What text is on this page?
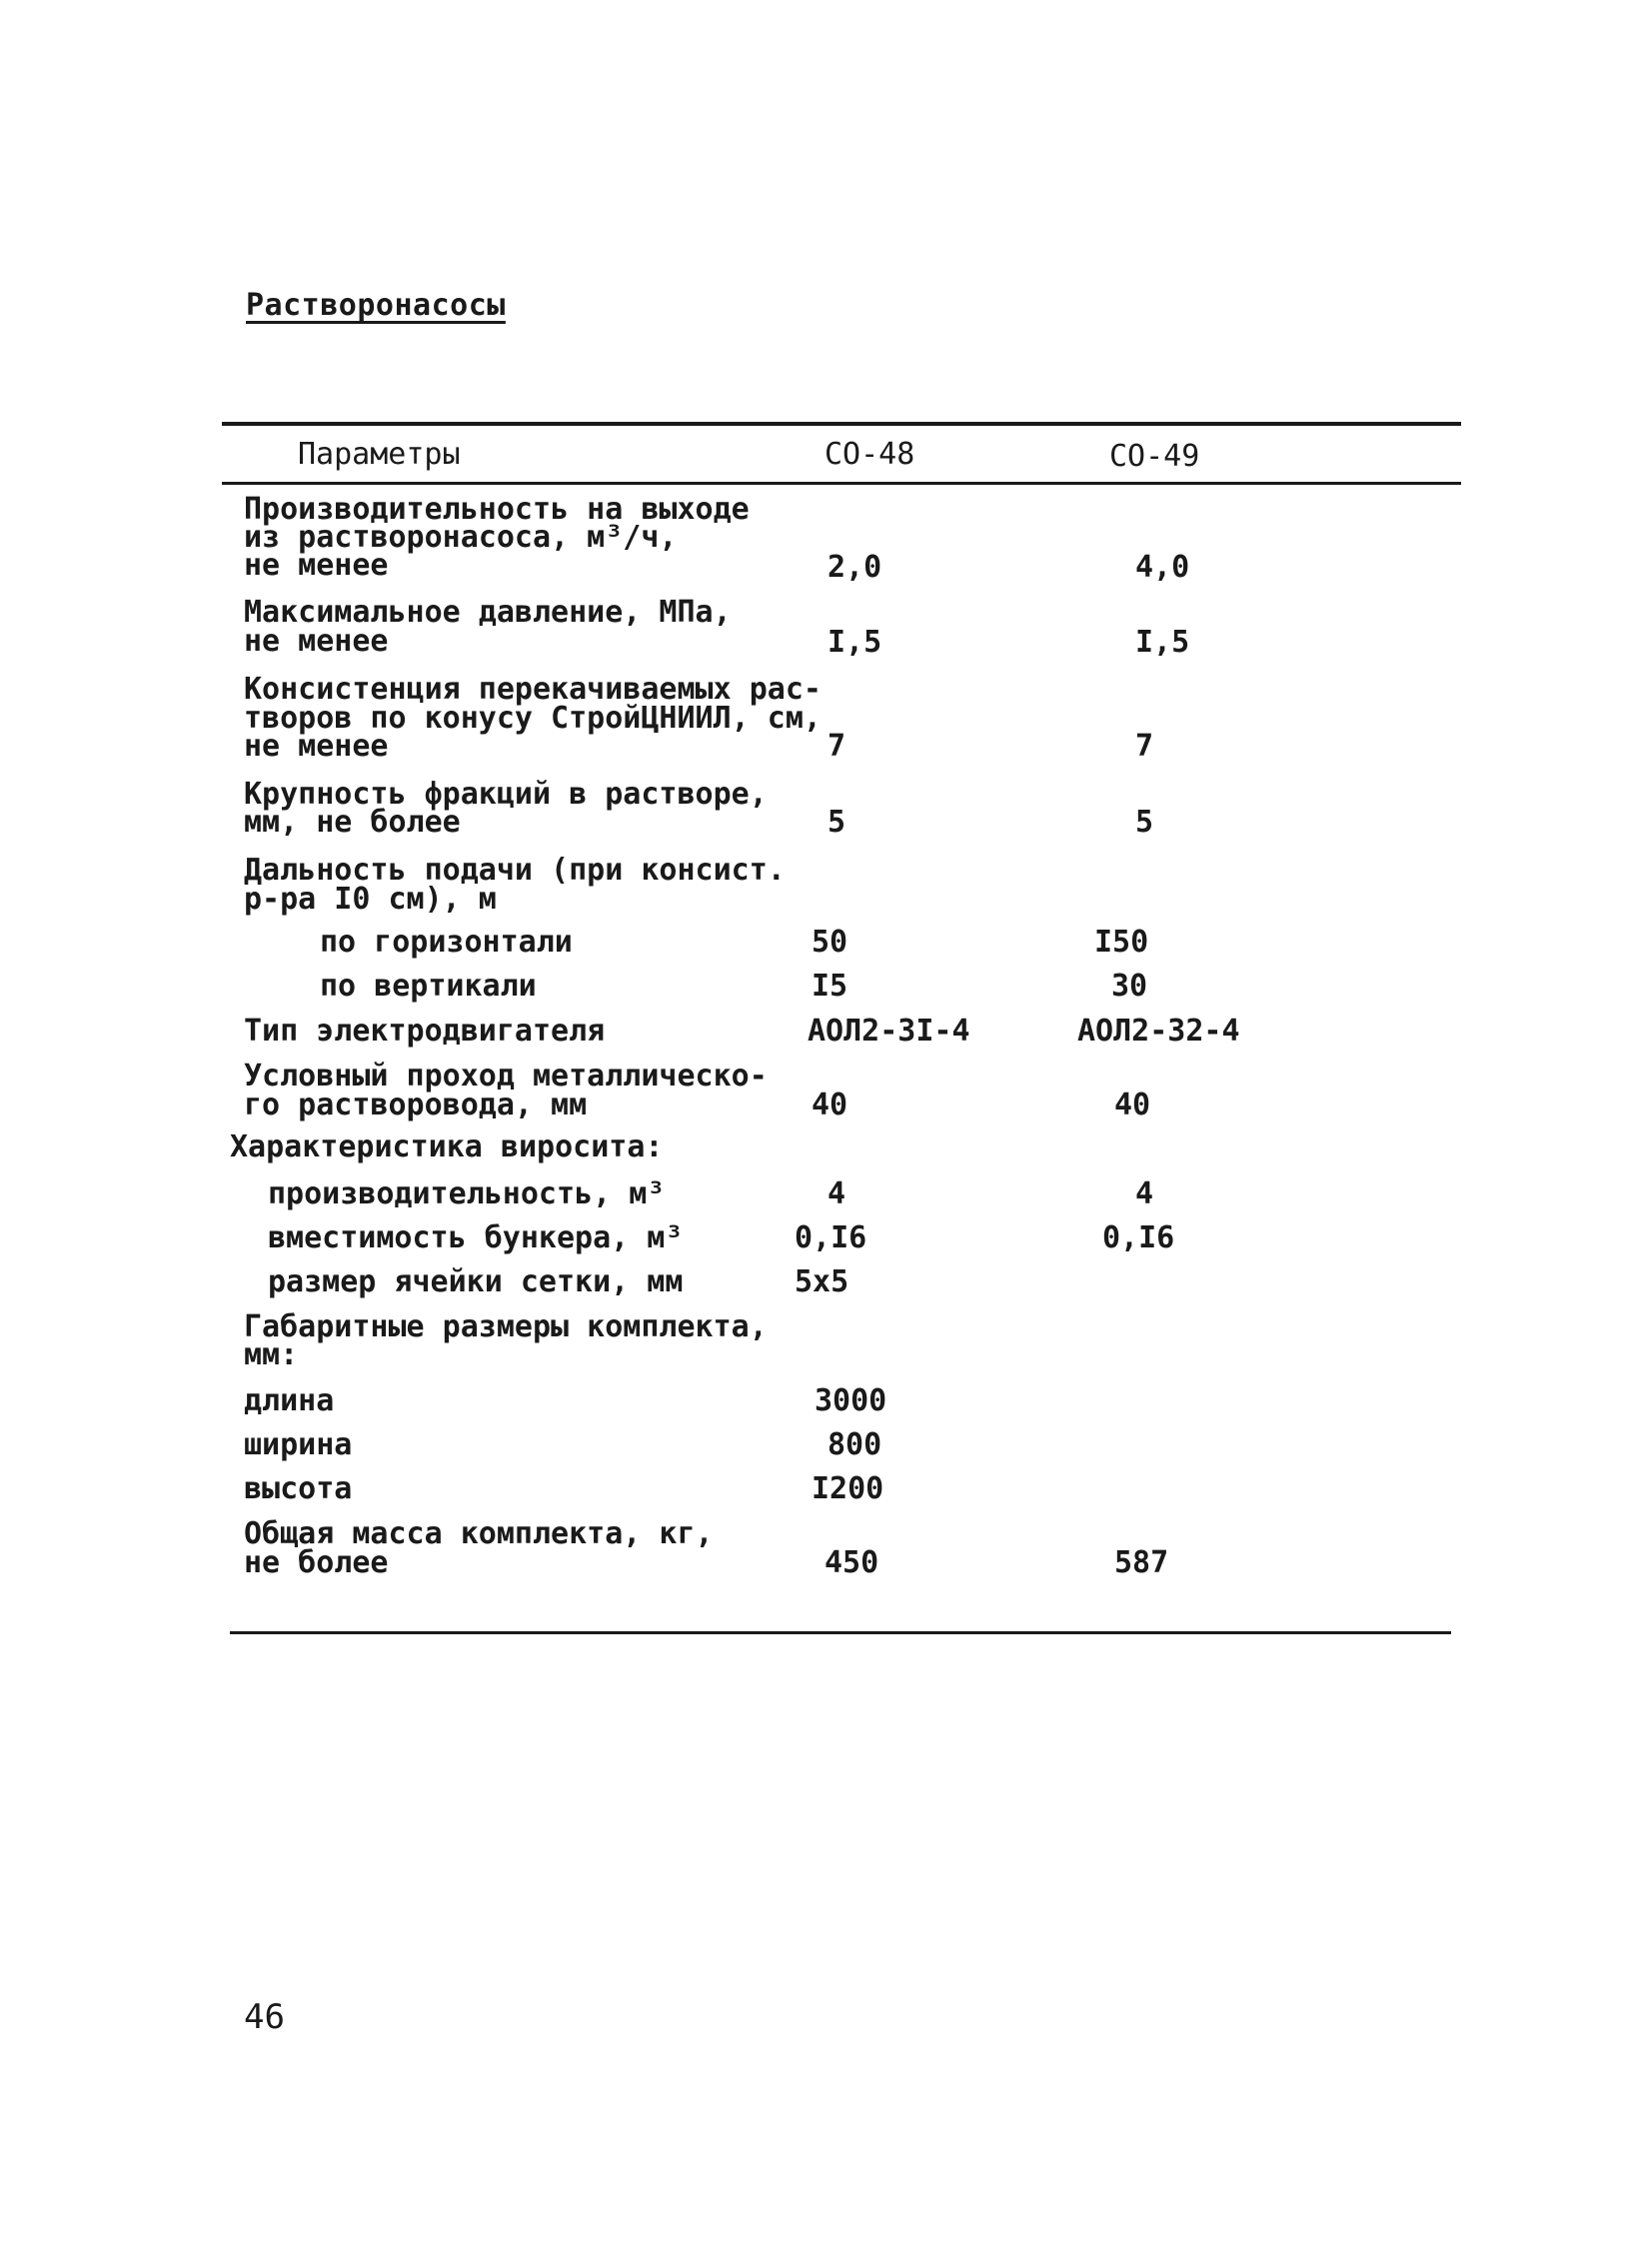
Растворонасосы
Параметры	СО-48	СО-49
Производительность на выходе
из растворонасоса, м³/ч,
не менее	2,0	4,0
Максимальное давление, МПа,
не менее	I,5	I,5
Консистенция перекачиваемых рас-
творов по конусу СтройЦНИИЛ, см,
не менее	7	7
Крупность фракций в растворе,
мм, не более	5	5
Дальность подачи (при консист.
р-ра I0 см), м
по горизонтали	50	I50
по вертикали	I5	30
Тип электродвигателя	АОЛ2-3I-4	АОЛ2-32-4
Условный проход металлическо-
го растворовода, мм	40	40
Характеристика виросита:
производительность, м³	4	4
вместимость бункера, м³	0,I6	0,I6
размер ячейки сетки, мм	5x5
Габаритные размеры комплекта,
мм:
длина	3000
ширина	800
высота	I200
Общая масса комплекта, кг,
не более	450	587
46
